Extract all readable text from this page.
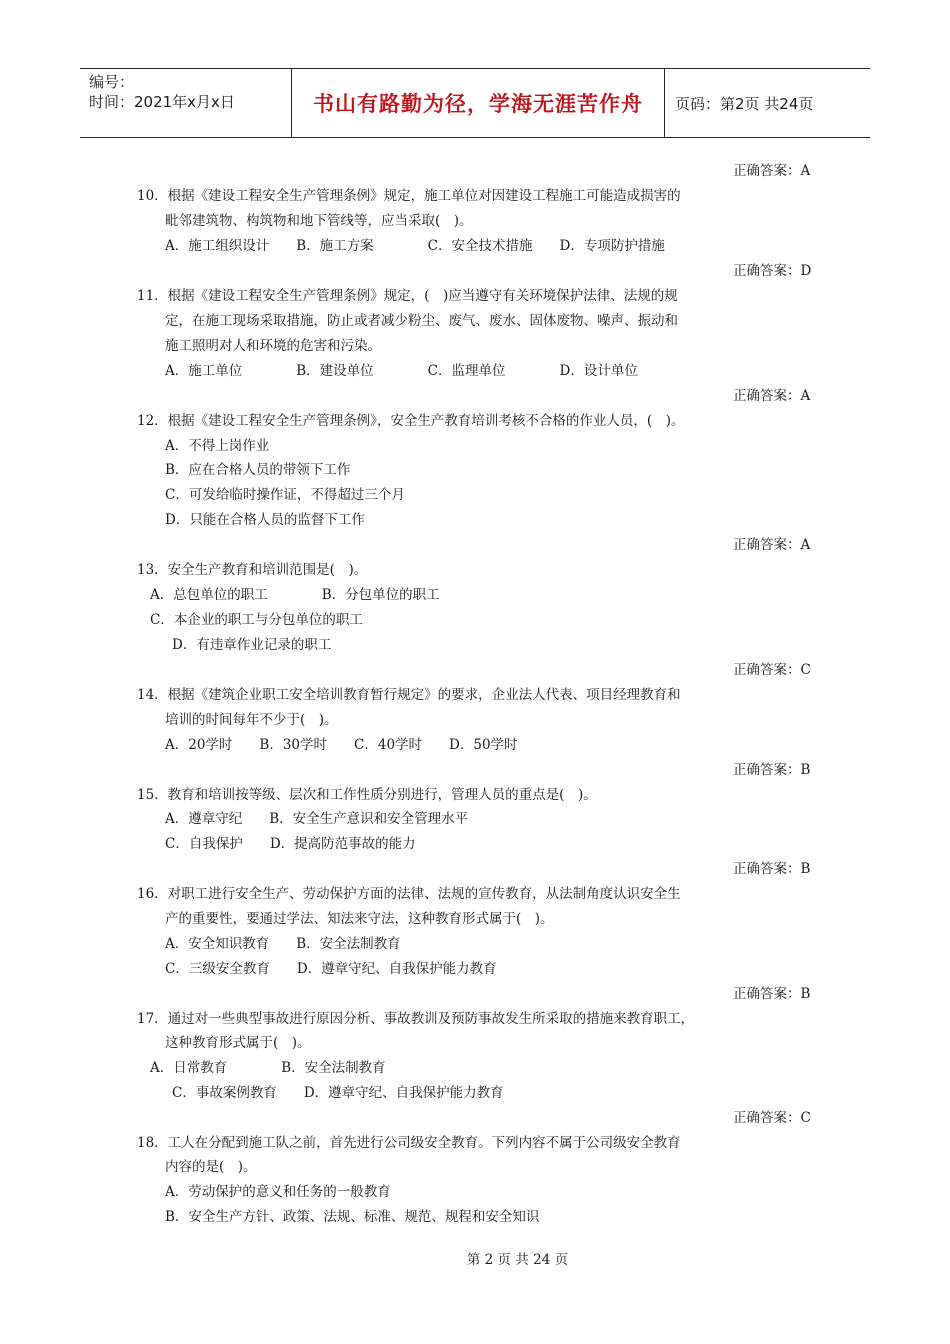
编号：
时间：2021年x月x日	书山有路勤为径，学海无涯苦作舟	页码：第2页 共24页
正确答案：A
10．根据《建设工程安全生产管理条例》规定，施工单位对因建设工程施工可能造成损害的
毗邻建筑物、构筑物和地下管线等，应当采取(　)。
A．施工组织设计　　B．施工方案　　　　C．安全技术措施　　D．专项防护措施
正确答案：D
11．根据《建设工程安全生产管理条例》规定，(　)应当遵守有关环境保护法律、法规的规
定，在施工现场采取措施，防止或者减少粉尘、废气、废水、固体废物、噪声、振动和
施工照明对人和环境的危害和污染。
A．施工单位　　　　B．建设单位　　　　C．监理单位　　　　D．设计单位
正确答案：A
12．根据《建设工程安全生产管理条例》，安全生产教育培训考核不合格的作业人员，(　)。
A．不得上岗作业
B．应在合格人员的带领下工作
C．可发给临时操作证，不得超过三个月
D．只能在合格人员的监督下工作
正确答案：A
13．安全生产教育和培训范围是(　)。
A．总包单位的职工　　　　B．分包单位的职工
C．本企业的职工与分包单位的职工
D．有违章作业记录的职工
正确答案：C
14．根据《建筑企业职工安全培训教育暂行规定》的要求，企业法人代表、项目经理教育和
培训的时间每年不少于(　)。
A．20学时　　B．30学时　　C．40学时　　D．50学时
正确答案：B
15．教育和培训按等级、层次和工作性质分别进行，管理人员的重点是(　)。
A．遵章守纪　　B．安全生产意识和安全管理水平
C．自我保护　　D．提高防范事故的能力
正确答案：B
16．对职工进行安全生产、劳动保护方面的法律、法规的宣传教育，从法制角度认识安全生
产的重要性，要通过学法、知法来守法，这种教育形式属于(　)。
A．安全知识教育　　B．安全法制教育
C．三级安全教育　　D．遵章守纪、自我保护能力教育
正确答案：B
17．通过对一些典型事故进行原因分析、事故教训及预防事故发生所采取的措施来教育职工，
这种教育形式属于(　)。
A．日常教育　　　　B．安全法制教育
C．事故案例教育　　D．遵章守纪、自我保护能力教育
正确答案：C
18．工人在分配到施工队之前，首先进行公司级安全教育。下列内容不属于公司级安全教育
内容的是(　)。
A．劳动保护的意义和任务的一般教育
B．安全生产方针、政策、法规、标准、规范、规程和安全知识
第 2 页 共 24 页
